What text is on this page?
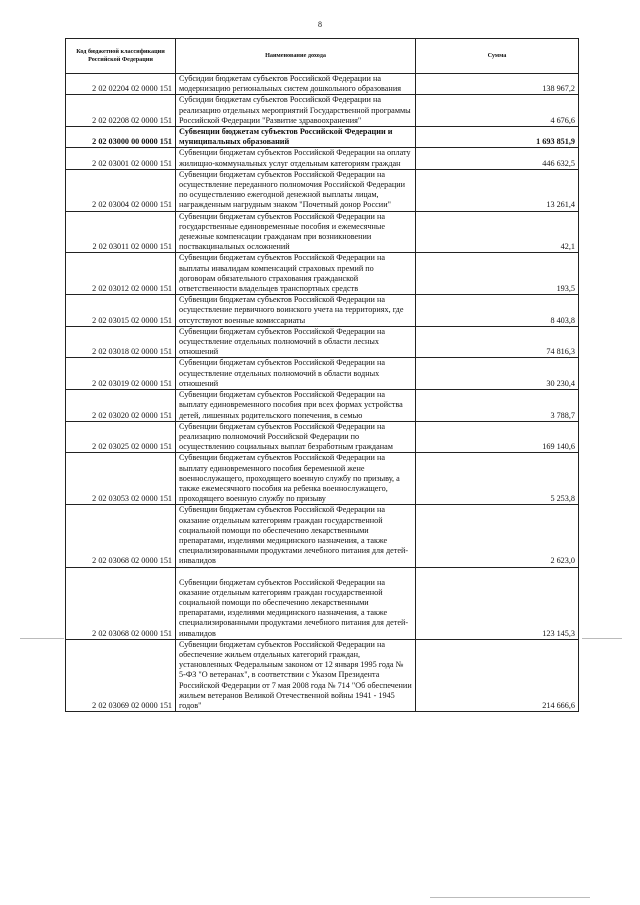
8
Код бюджетной классификации Российской Федерации	Наименование дохода	Сумма
2 02 02204 02 0000 151	Субсидии бюджетам субъектов Российской Федерации на модернизацию региональных систем дошкольного образования	138 967,2
2 02 02208 02 0000 151	Субсидии бюджетам субъектов Российской Федерации на реализацию отдельных мероприятий Государственной программы Российской Федерации "Развитие здравоохранения"	4 676,6
2 02 03000 00 0000 151	Субвенции бюджетам субъектов Российской Федерации и муниципальных образований	1 693 851,9
2 02 03001 02 0000 151	Субвенции бюджетам субъектов Российской Федерации на оплату жилищно-коммунальных услуг отдельным категориям граждан	446 632,5
2 02 03004 02 0000 151	Субвенции бюджетам субъектов Российской Федерации на осуществление переданного полномочия Российской Федерации по осуществлению ежегодной денежной выплаты лицам, награжденным нагрудным знаком "Почетный донор России"	13 261,4
2 02 03011 02 0000 151	Субвенции бюджетам субъектов Российской Федерации на государственные единовременные пособия и ежемесячные денежные компенсации гражданам при возникновении поствакцинальных осложнений	42,1
2 02 03012 02 0000 151	Субвенции бюджетам субъектов Российской Федерации на выплаты инвалидам компенсаций страховых премий по договорам обязательного страхования гражданской ответственности владельцев транспортных средств	193,5
2 02 03015 02 0000 151	Субвенции бюджетам субъектов Российской Федерации на осуществление первичного воинского учета на территориях, где отсутствуют военные комиссариаты	8 403,8
2 02 03018 02 0000 151	Субвенции бюджетам субъектов Российской Федерации на осуществление отдельных полномочий в области лесных отношений	74 816,3
2 02 03019 02 0000 151	Субвенции бюджетам субъектов Российской Федерации на осуществление отдельных полномочий в области водных отношений	30 230,4
2 02 03020 02 0000 151	Субвенции бюджетам субъектов Российской Федерации на выплату единовременного пособия при всех формах устройства детей, лишенных родительского попечения, в семью	3 788,7
2 02 03025 02 0000 151	Субвенции бюджетам субъектов Российской Федерации на реализацию полномочий Российской Федерации по осуществлению социальных выплат безработным гражданам	169 140,6
2 02 03053 02 0000 151	Субвенции бюджетам субъектов Российской Федерации на выплату единовременного пособия беременной жене военнослужащего, проходящего военную службу по призыву, а также ежемесячного пособия на ребенка военнослужащего, проходящего военную службу по призыву	5 253,8
2 02 03068 02 0000 151	Субвенции бюджетам субъектов Российской Федерации на оказание отдельным категориям граждан государственной социальной помощи по обеспечению лекарственными препаратами, изделиями медицинского назначения, а также специализированными продуктами лечебного питания для детей-инвалидов	2 623,0
2 02 03068 02 0000 151	Субвенции бюджетам субъектов Российской Федерации на оказание отдельным категориям граждан государственной социальной помощи по обеспечению лекарственными препаратами, изделиями медицинского назначения, а также специализированными продуктами лечебного питания для детей-инвалидов	123 145,3
2 02 03069 02 0000 151	Субвенции бюджетам субъектов Российской Федерации на обеспечение жильем отдельных категорий граждан, установленных Федеральным законом от 12 января 1995 года № 5-ФЗ "О ветеранах", в соответствии с Указом Президента Российской Федерации от 7 мая 2008 года № 714 "Об обеспечении жильем ветеранов Великой Отечественной войны 1941 - 1945 годов"	214 666,6
